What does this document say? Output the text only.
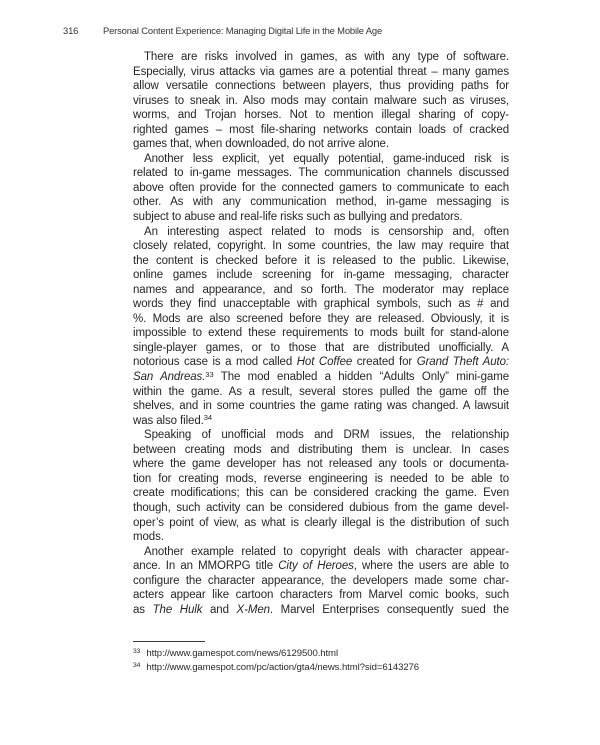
316	Personal Content Experience: Managing Digital Life in the Mobile Age
There are risks involved in games, as with any type of software.
Especially, virus attacks via games are a potential threat – many games
allow versatile connections between players, thus providing paths for
viruses to sneak in. Also mods may contain malware such as viruses,
worms, and Trojan horses. Not to mention illegal sharing of copy-
righted games – most file-sharing networks contain loads of cracked
games that, when downloaded, do not arrive alone.
Another less explicit, yet equally potential, game-induced risk is
related to in-game messages. The communication channels discussed
above often provide for the connected gamers to communicate to each
other. As with any communication method, in-game messaging is
subject to abuse and real-life risks such as bullying and predators.
An interesting aspect related to mods is censorship and, often
closely related, copyright. In some countries, the law may require that
the content is checked before it is released to the public. Likewise,
online games include screening for in-game messaging, character
names and appearance, and so forth. The moderator may replace
words they find unacceptable with graphical symbols, such as # and
%. Mods are also screened before they are released. Obviously, it is
impossible to extend these requirements to mods built for stand-alone
single-player games, or to those that are distributed unofficially. A
notorious case is a mod called Hot Coffee created for Grand Theft Auto:
San Andreas.$^{33}$ The mod enabled a hidden “Adults Only” mini-game
within the game. As a result, several stores pulled the game off the
shelves, and in some countries the game rating was changed. A lawsuit
was also filed.$^{34}$
Speaking of unofficial mods and DRM issues, the relationship
between creating mods and distributing them is unclear. In cases
where the game developer has not released any tools or documenta-
tion for creating mods, reverse engineering is needed to be able to
create modifications; this can be considered cracking the game. Even
though, such activity can be considered dubious from the game devel-
oper’s point of view, as what is clearly illegal is the distribution of such
mods.
Another example related to copyright deals with character appear-
ance. In an MMORPG title City of Heroes, where the users are able to
configure the character appearance, the developers made some char-
acters appear like cartoon characters from Marvel comic books, such
as The Hulk and X-Men. Marvel Enterprises consequently sued the
$^{33}$ http://www.gamespot.com/news/6129500.html
$^{34}$ http://www.gamespot.com/pc/action/gta4/news.html?sid=6143276
